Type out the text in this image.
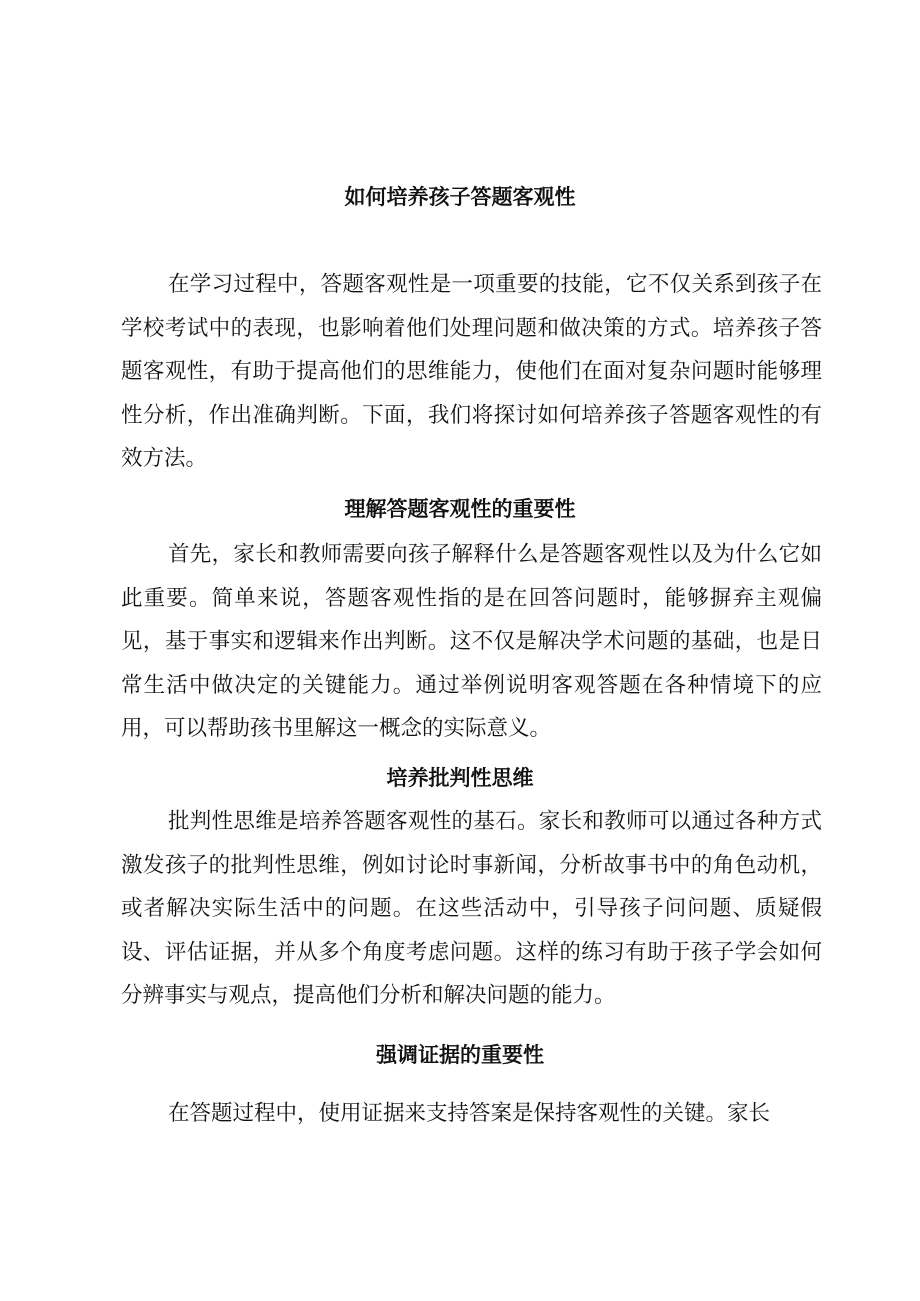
如何培养孩子答题客观性

在学习过程中，答题客观性是一项重要的技能，它不仅关系到孩子在学校考试中的表现，也影响着他们处理问题和做决策的方式。培养孩子答题客观性，有助于提高他们的思维能力，使他们在面对复杂问题时能够理性分析，作出准确判断。下面，我们将探讨如何培养孩子答题客观性的有效方法。

理解答题客观性的重要性

首先，家长和教师需要向孩子解释什么是答题客观性以及为什么它如此重要。简单来说，答题客观性指的是在回答问题时，能够摒弃主观偏见，基于事实和逻辑来作出判断。这不仅是解决学术问题的基础，也是日常生活中做决定的关键能力。通过举例说明客观答题在各种情境下的应用，可以帮助孩书里解这一概念的实际意义。

培养批判性思维

批判性思维是培养答题客观性的基石。家长和教师可以通过各种方式激发孩子的批判性思维，例如讨论时事新闻，分析故事书中的角色动机，或者解决实际生活中的问题。在这些活动中，引导孩子问问题、质疑假设、评估证据，并从多个角度考虑问题。这样的练习有助于孩子学会如何分辨事实与观点，提高他们分析和解决问题的能力。

强调证据的重要性

在答题过程中，使用证据来支持答案是保持客观性的关键。家长
